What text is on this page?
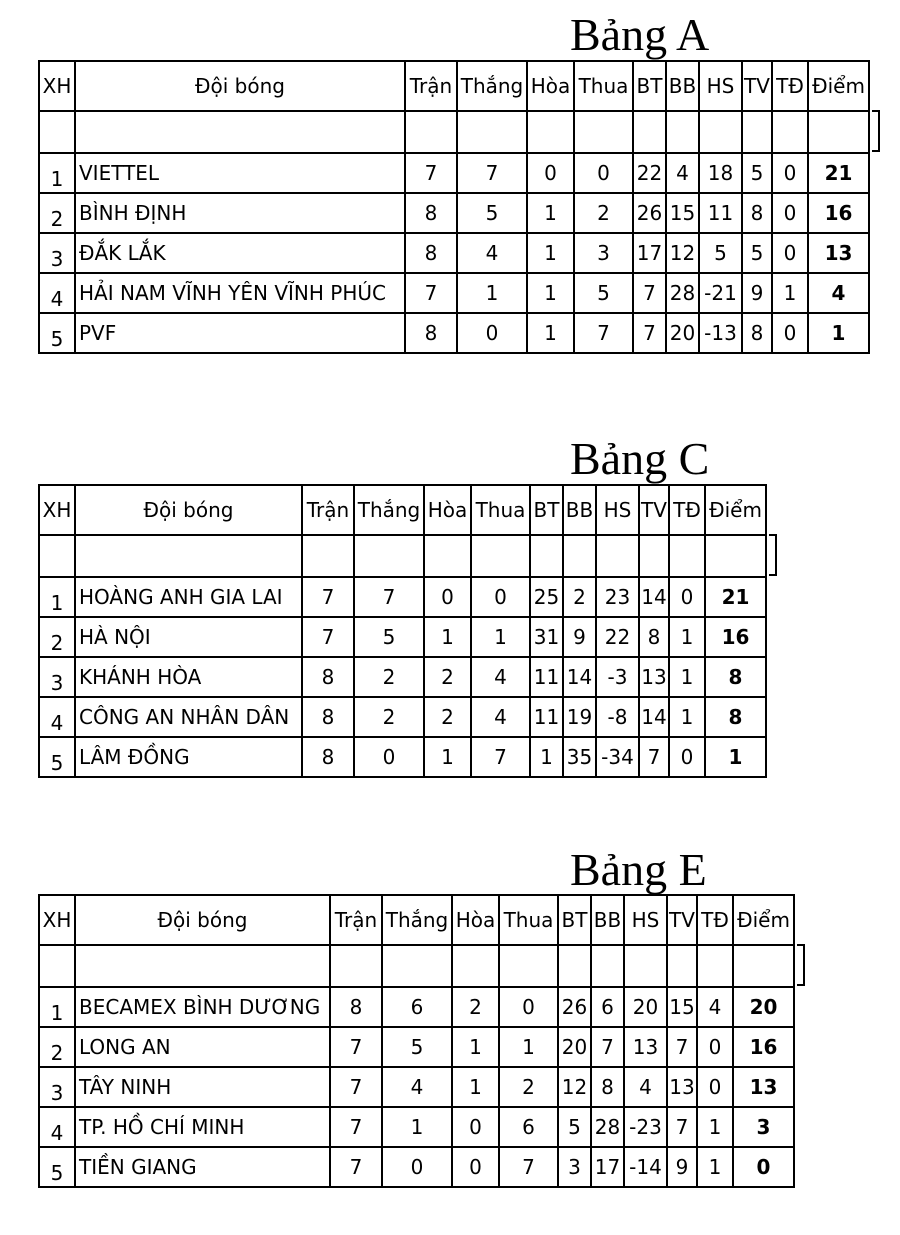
Bảng A
XH	Đội bóng	Trận	Thắng	Hòa	Thua	BT	BB	HS	TV	TĐ	Điểm

1	VIETTEL	7	7	0	0	22	4	18	5	0	21
2	BÌNH ĐỊNH	8	5	1	2	26	15	11	8	0	16
3	ĐẮK LẮK	8	4	1	3	17	12	5	5	0	13
4	HẢI NAM VĨNH YÊN VĨNH PHÚC	7	1	1	5	7	28	-21	9	1	4
5	PVF	8	0	1	7	7	20	-13	8	0	1
Bảng C
XH	Đội bóng	Trận	Thắng	Hòa	Thua	BT	BB	HS	TV	TĐ	Điểm

1	HOÀNG ANH GIA LAI	7	7	0	0	25	2	23	14	0	21
2	HÀ NỘI	7	5	1	1	31	9	22	8	1	16
3	KHÁNH HÒA	8	2	2	4	11	14	-3	13	1	8
4	CÔNG AN NHÂN DÂN	8	2	2	4	11	19	-8	14	1	8
5	LÂM ĐỒNG	8	0	1	7	1	35	-34	7	0	1
Bảng E
XH	Đội bóng	Trận	Thắng	Hòa	Thua	BT	BB	HS	TV	TĐ	Điểm

1	BECAMEX BÌNH DƯƠNG	8	6	2	0	26	6	20	15	4	20
2	LONG AN	7	5	1	1	20	7	13	7	0	16
3	TÂY NINH	7	4	1	2	12	8	4	13	0	13
4	TP. HỒ CHÍ MINH	7	1	0	6	5	28	-23	7	1	3
5	TIỀN GIANG	7	0	0	7	3	17	-14	9	1	0
